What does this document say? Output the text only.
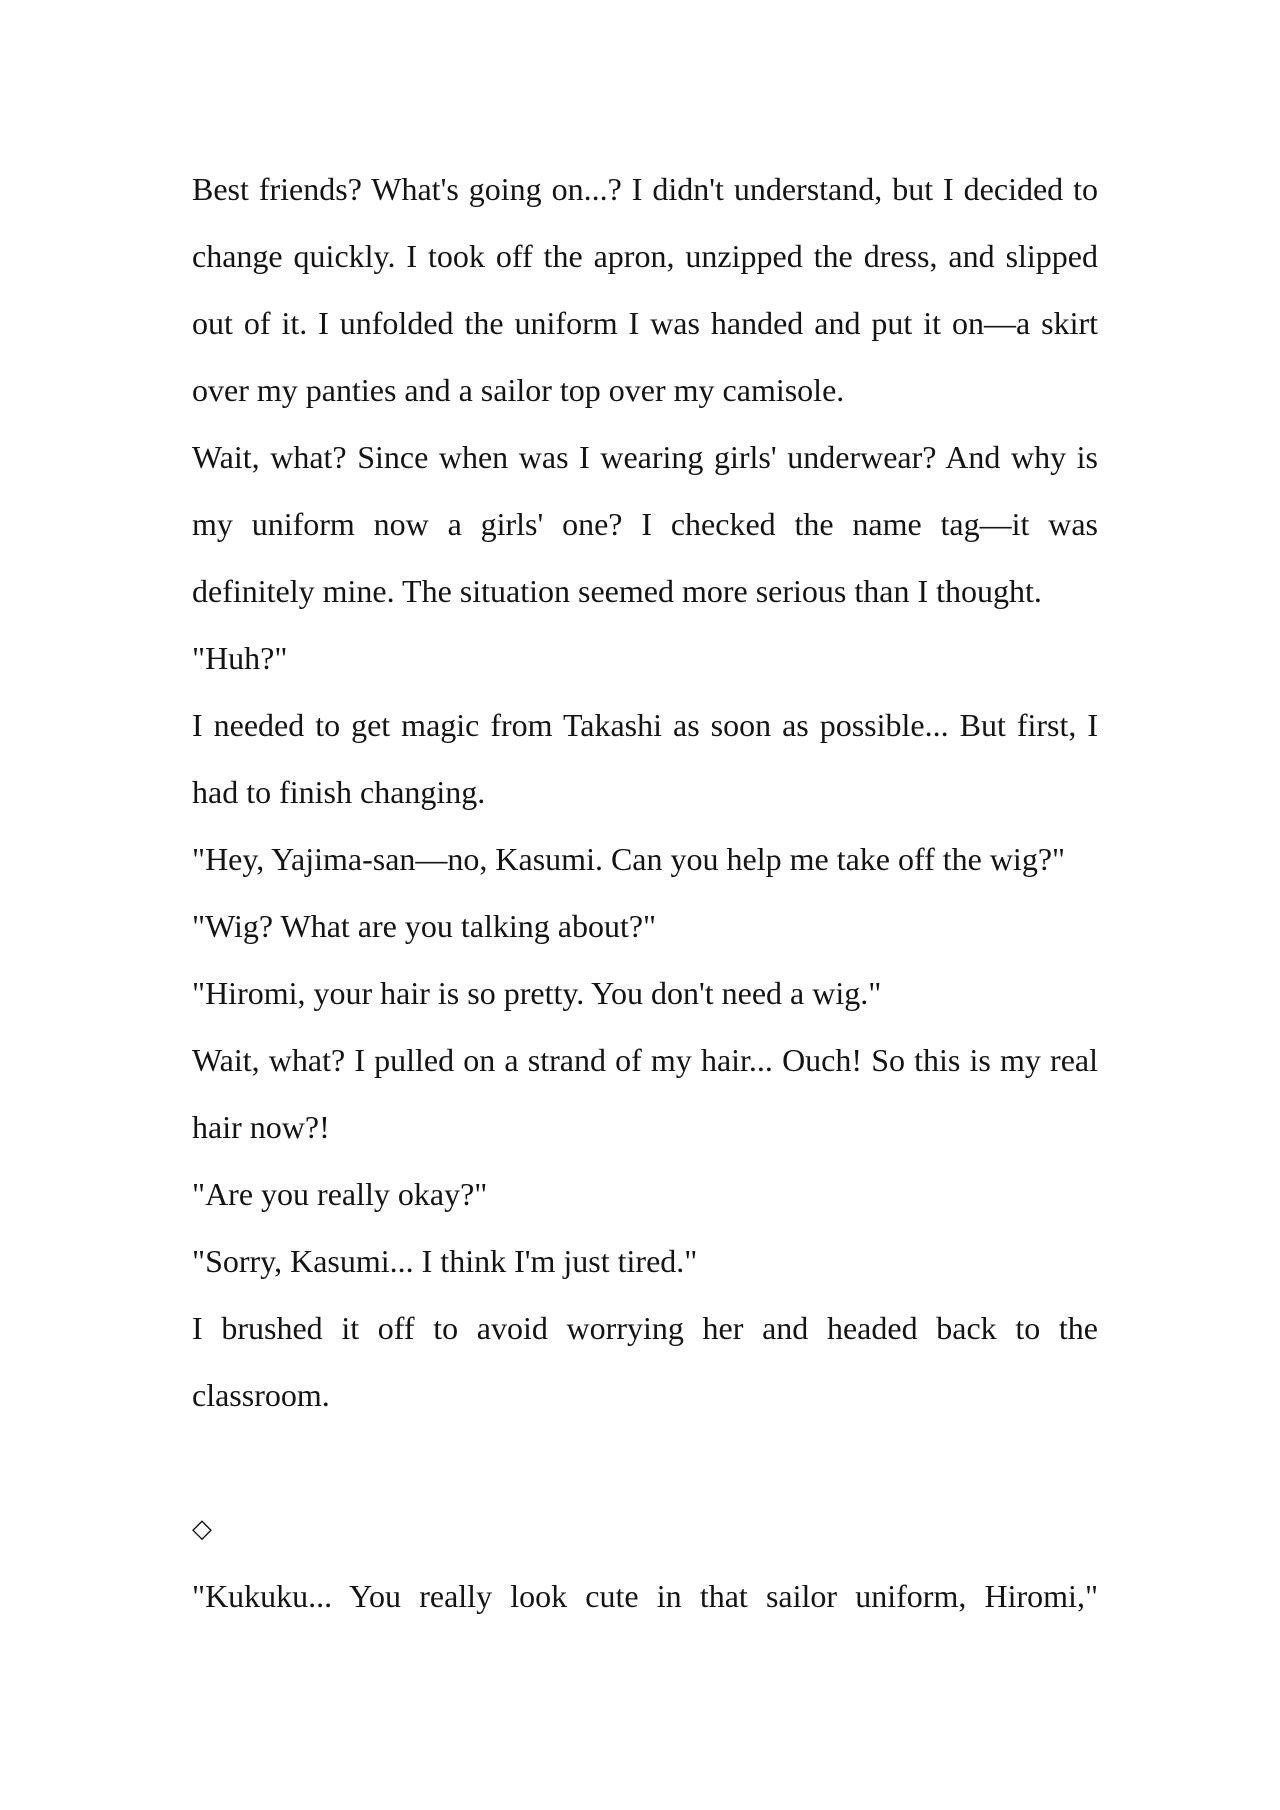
Best friends? What's going on...? I didn't understand, but I decided to change quickly. I took off the apron, unzipped the dress, and slipped out of it. I unfolded the uniform I was handed and put it on—a skirt over my panties and a sailor top over my camisole.

Wait, what? Since when was I wearing girls' underwear? And why is my uniform now a girls' one? I checked the name tag—it was definitely mine. The situation seemed more serious than I thought.

"Huh?"

I needed to get magic from Takashi as soon as possible... But first, I had to finish changing.

"Hey, Yajima-san—no, Kasumi. Can you help me take off the wig?"

"Wig? What are you talking about?"

"Hiromi, your hair is so pretty. You don't need a wig."

Wait, what? I pulled on a strand of my hair... Ouch! So this is my real hair now?!

"Are you really okay?"

"Sorry, Kasumi... I think I'm just tired."

I brushed it off to avoid worrying her and headed back to the classroom.

◇

"Kukuku... You really look cute in that sailor uniform, Hiromi,"
